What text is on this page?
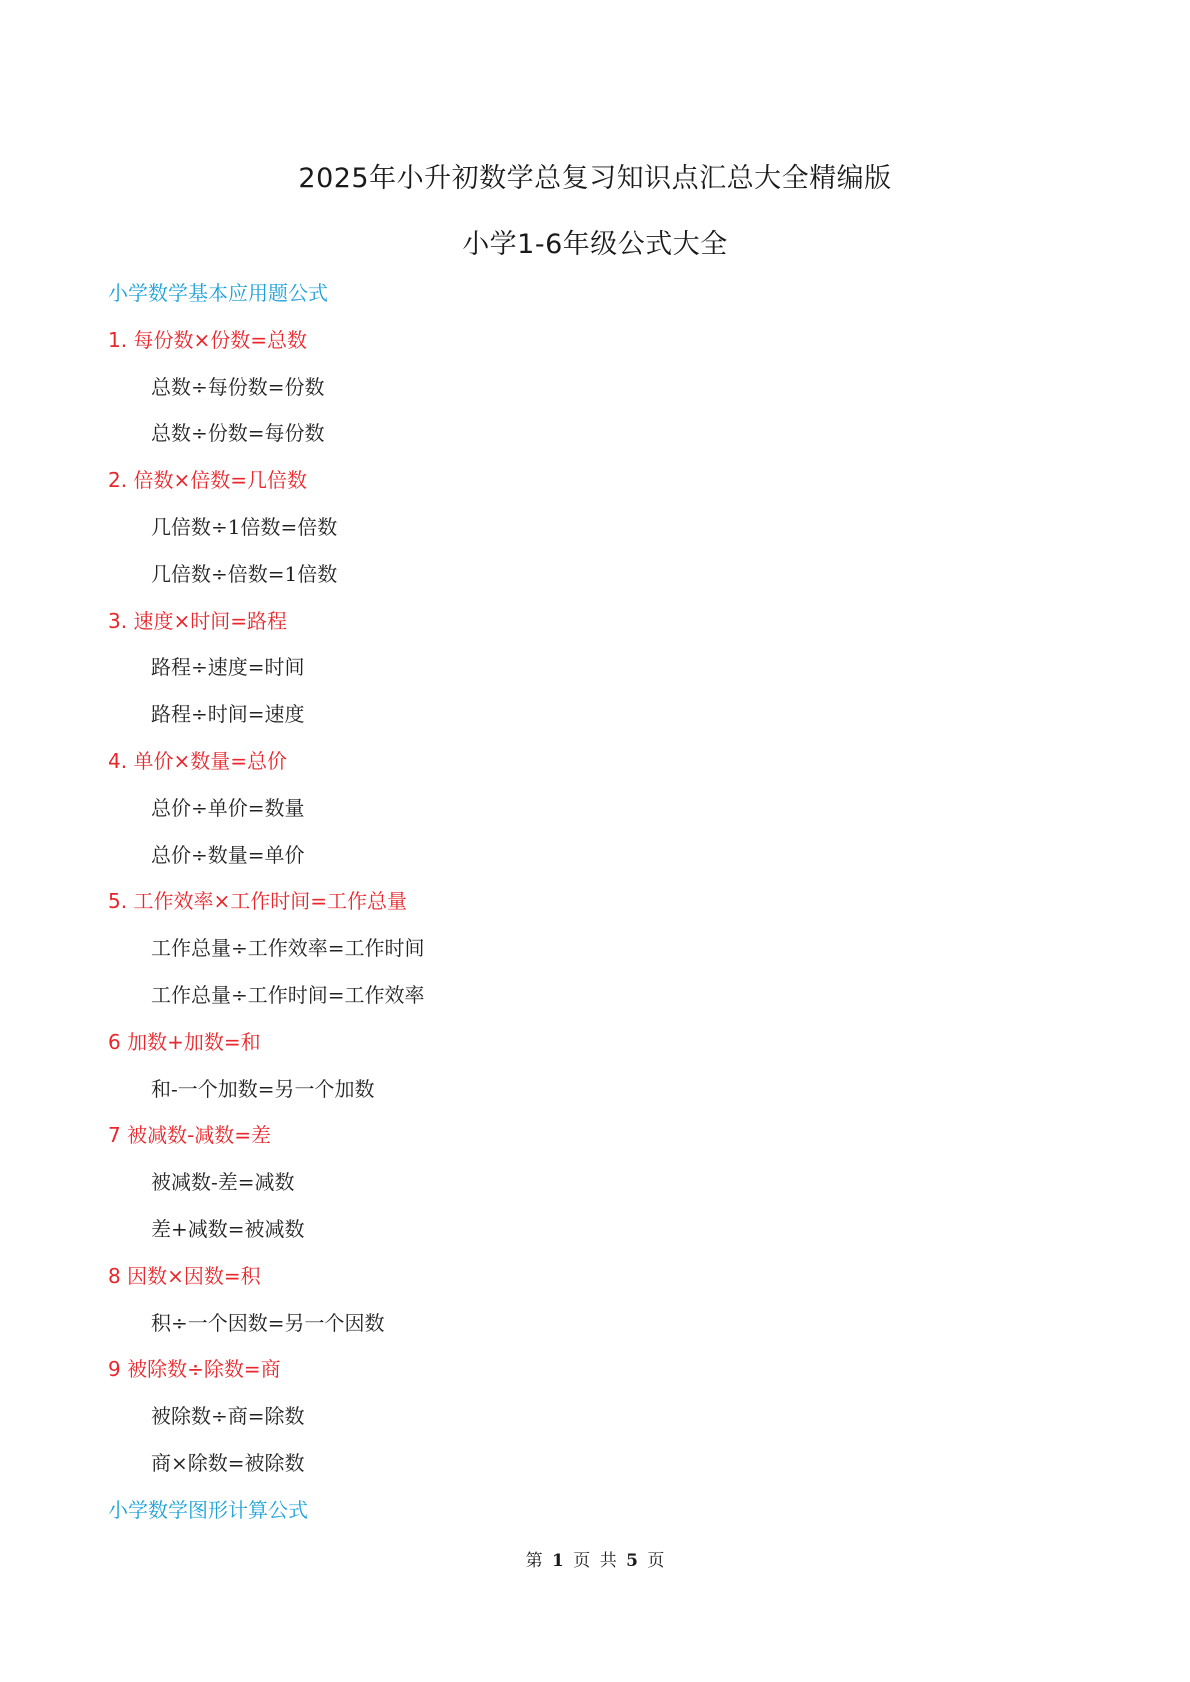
2025年小升初数学总复习知识点汇总大全精编版
小学1-6年级公式大全
小学数学基本应用题公式
1. 每份数×份数=总数
总数÷每份数=份数
总数÷份数=每份数
2. 倍数×倍数=几倍数
几倍数÷1倍数=倍数
几倍数÷倍数=1倍数
3. 速度×时间=路程
路程÷速度=时间
路程÷时间=速度
4. 单价×数量=总价
总价÷单价=数量
总价÷数量=单价
5. 工作效率×工作时间=工作总量
工作总量÷工作效率=工作时间
工作总量÷工作时间=工作效率
6 加数+加数=和
和-一个加数=另一个加数
7 被减数-减数=差
被减数-差=减数
差+减数=被减数
8 因数×因数=积
积÷一个因数=另一个因数
9 被除数÷除数=商
被除数÷商=除数
商×除数=被除数
小学数学图形计算公式
第 1 页 共 5 页
